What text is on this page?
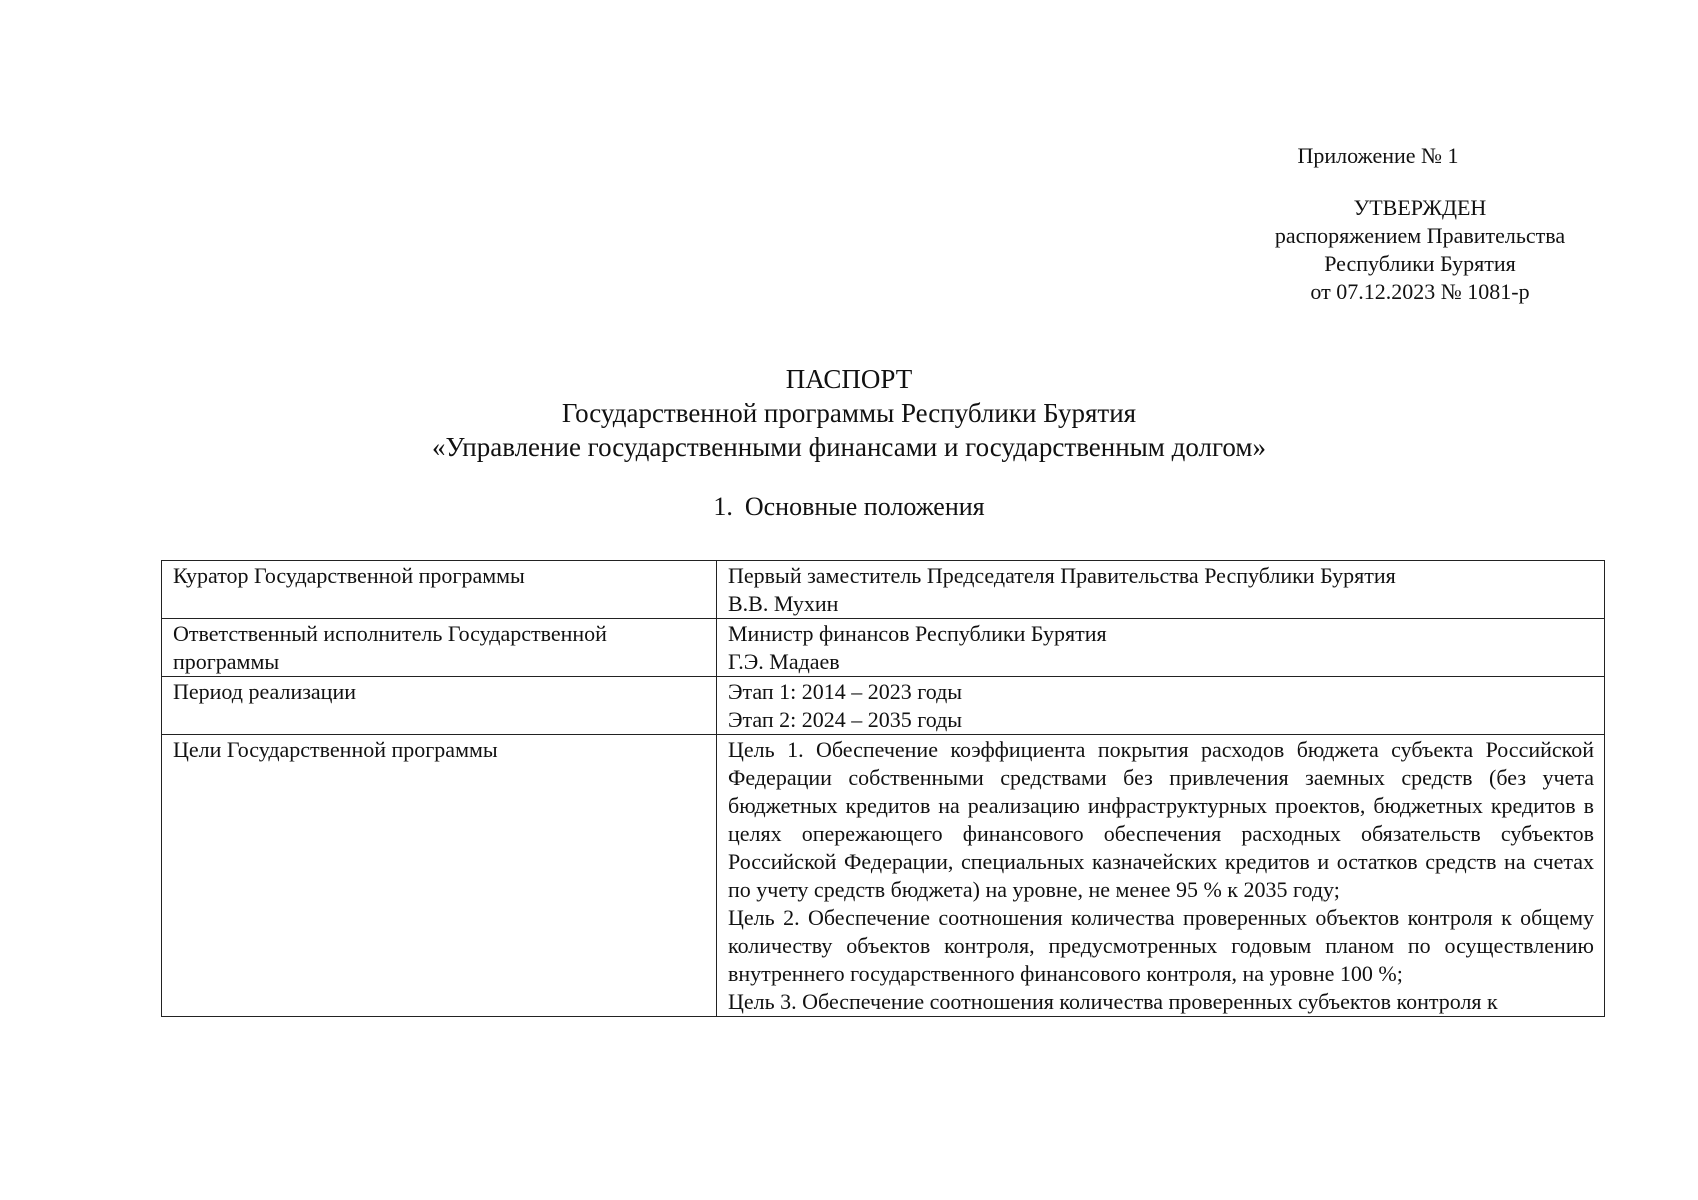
Приложение № 1
УТВЕРЖДЕН
распоряжением Правительства
Республики Бурятия
от 07.12.2023 № 1081-р
ПАСПОРТ
Государственной программы Республики Бурятия
«Управление государственными финансами и государственным долгом»
1. Основные положения
Куратор Государственной программы	Первый заместитель Председателя Правительства Республики Бурятия
В.В. Мухин

Ответственный исполнитель Государственной программы	Министр финансов Республики Бурятия
Г.Э. Мадаев

Период реализации	Этап 1: 2014 – 2023 годы
Этап 2: 2024 – 2035 годы

Цели Государственной программы	Цель 1. Обеспечение коэффициента покрытия расходов бюджета субъекта Российской Федерации собственными средствами без привлечения заемных средств (без учета бюджетных кредитов на реализацию инфраструктурных проектов, бюджетных кредитов в целях опережающего финансового обеспечения расходных обязательств субъектов Российской Федерации, специальных казначейских кредитов и остатков средств на счетах по учету средств бюджета) на уровне, не менее 95 % к 2035 году;
Цель 2. Обеспечение соотношения количества проверенных объектов контроля к общему количеству объектов контроля, предусмотренных годовым планом по осуществлению внутреннего государственного финансового контроля, на уровне 100 %;
Цель 3. Обеспечение соотношения количества проверенных субъектов контроля к
